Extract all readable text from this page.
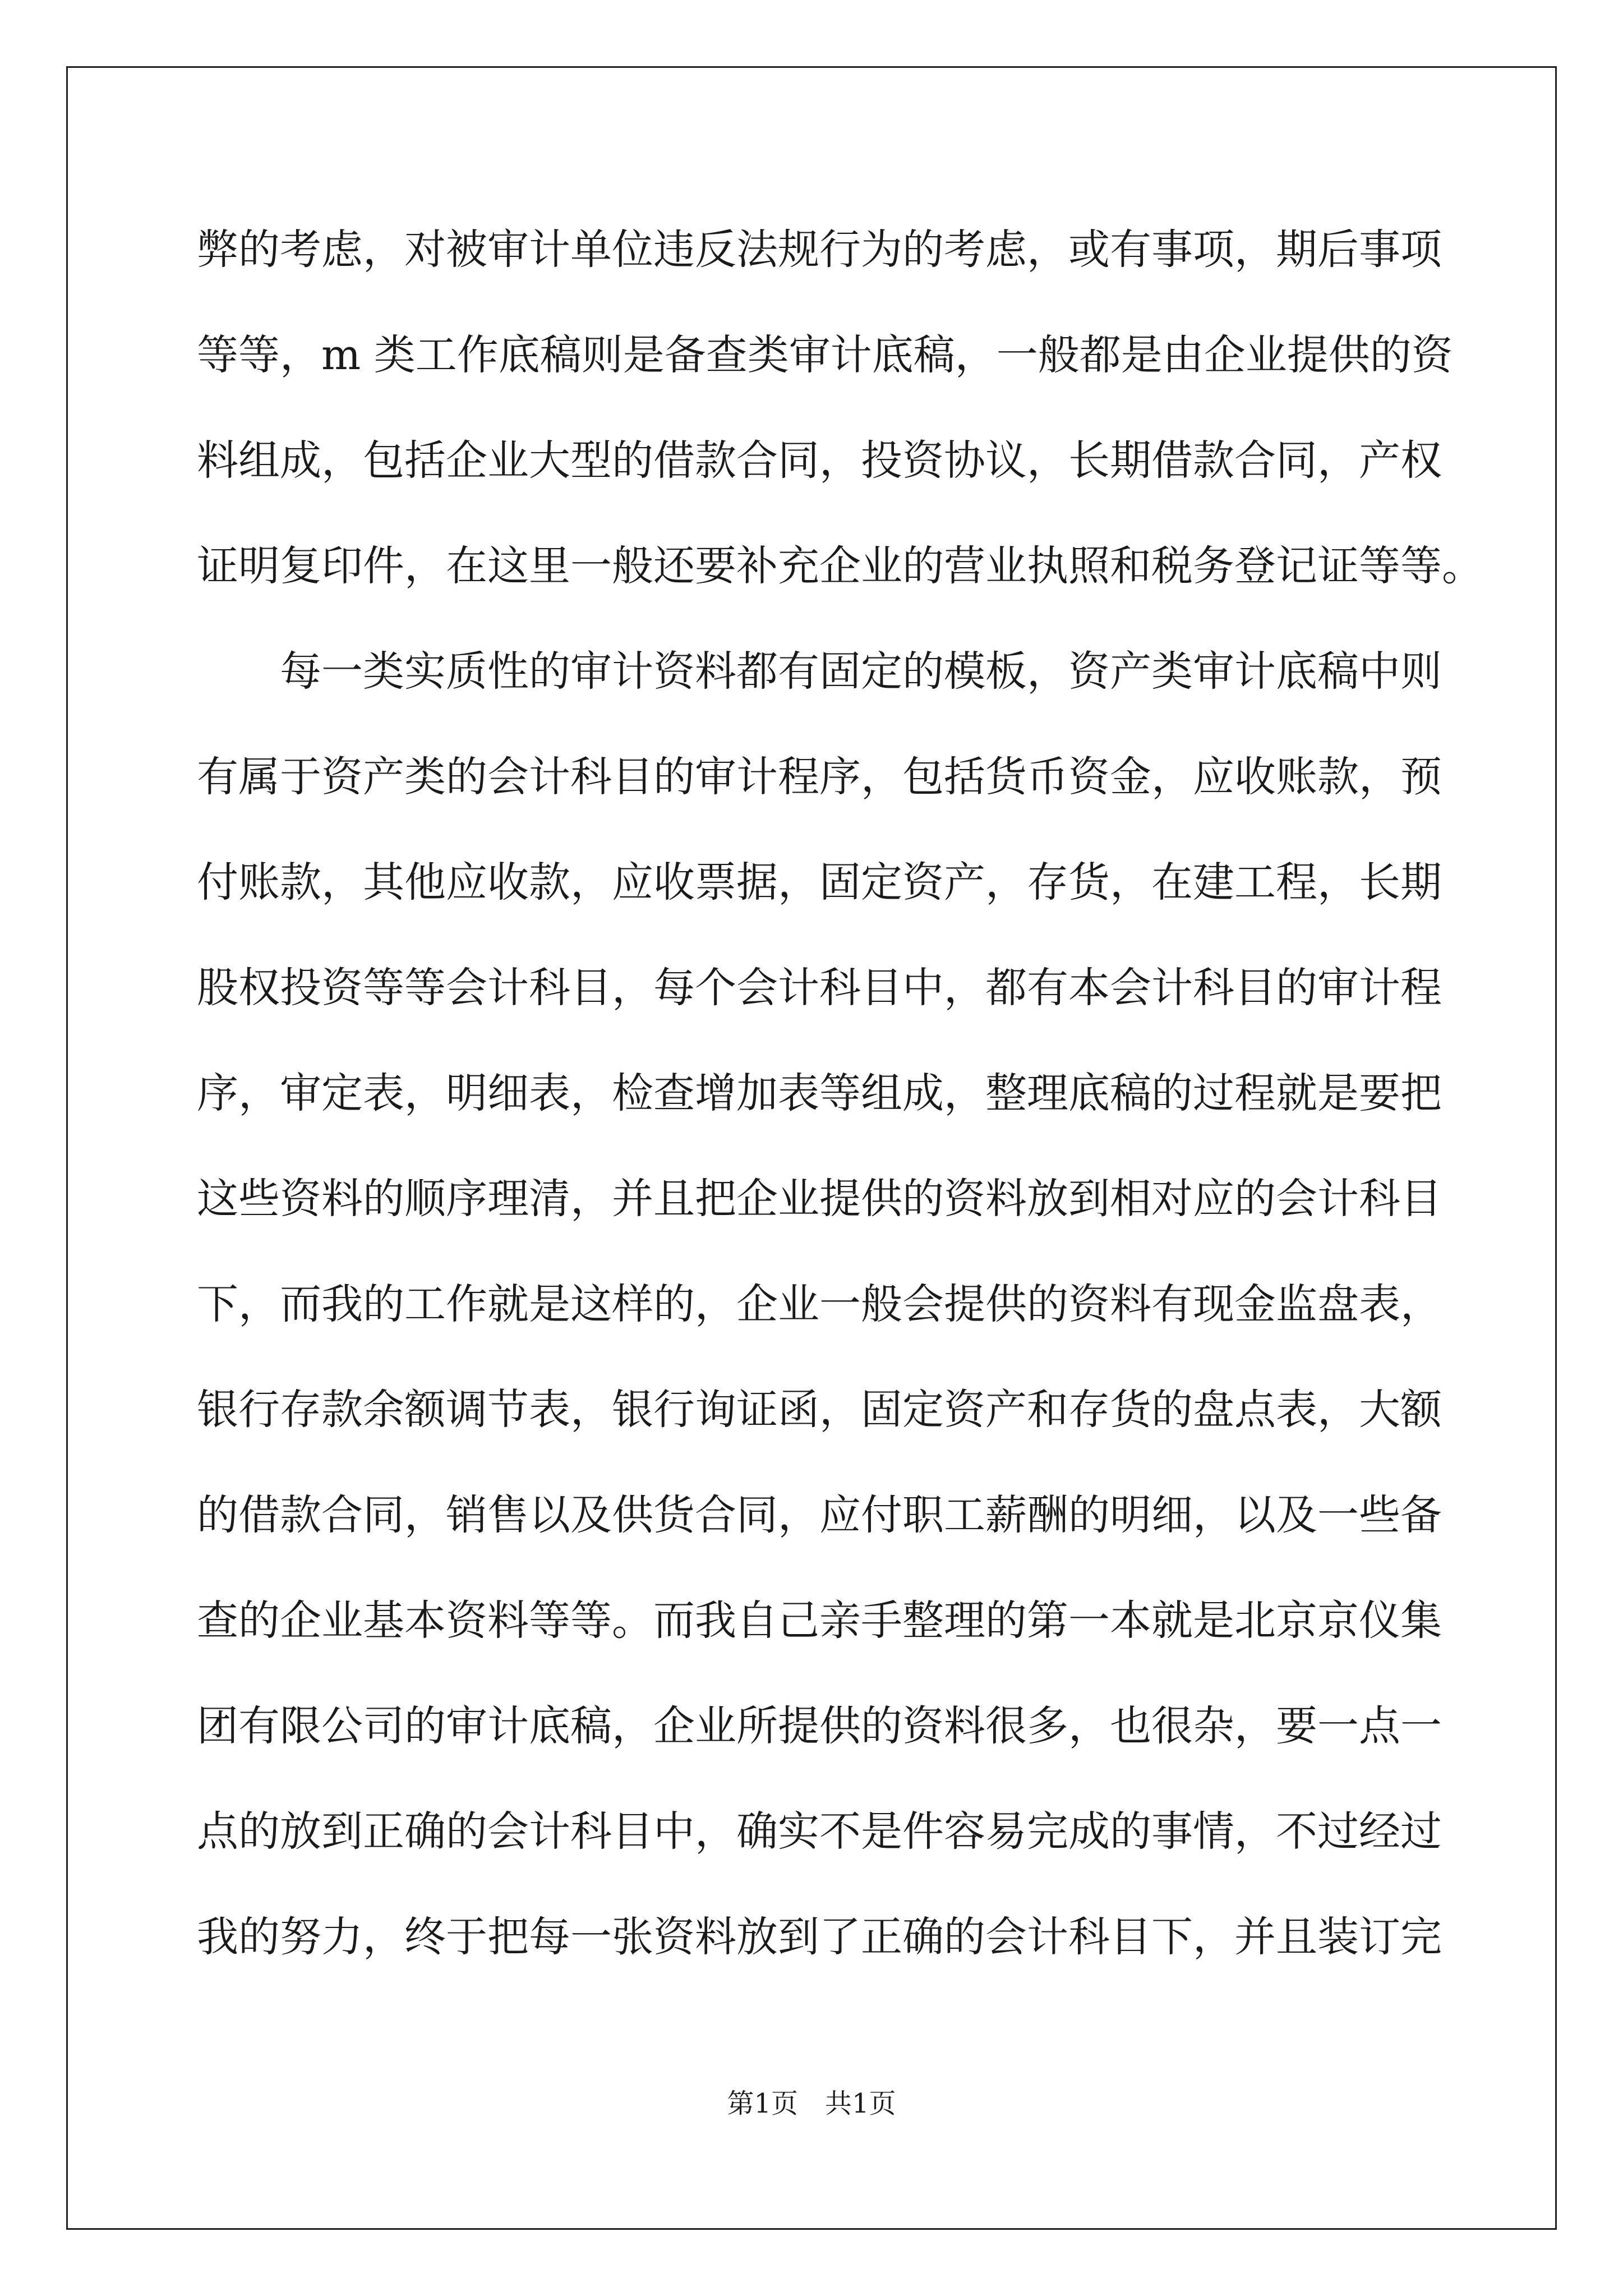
弊的考虑，对被审计单位违反法规行为的考虑，或有事项，期后事项
等等，m 类工作底稿则是备查类审计底稿，一般都是由企业提供的资
料组成，包括企业大型的借款合同，投资协议，长期借款合同，产权
证明复印件，在这里一般还要补充企业的营业执照和税务登记证等等。
　　每一类实质性的审计资料都有固定的模板，资产类审计底稿中则
有属于资产类的会计科目的审计程序，包括货币资金，应收账款，预
付账款，其他应收款，应收票据，固定资产，存货，在建工程，长期
股权投资等等会计科目，每个会计科目中，都有本会计科目的审计程
序，审定表，明细表，检查增加表等组成，整理底稿的过程就是要把
这些资料的顺序理清，并且把企业提供的资料放到相对应的会计科目
下，而我的工作就是这样的，企业一般会提供的资料有现金监盘表，
银行存款余额调节表，银行询证函，固定资产和存货的盘点表，大额
的借款合同，销售以及供货合同，应付职工薪酬的明细，以及一些备
查的企业基本资料等等。而我自己亲手整理的第一本就是北京京仪集
团有限公司的审计底稿，企业所提供的资料很多，也很杂，要一点一
点的放到正确的会计科目中，确实不是件容易完成的事情，不过经过
我的努力，终于把每一张资料放到了正确的会计科目下，并且装订完
第1页　共1页
